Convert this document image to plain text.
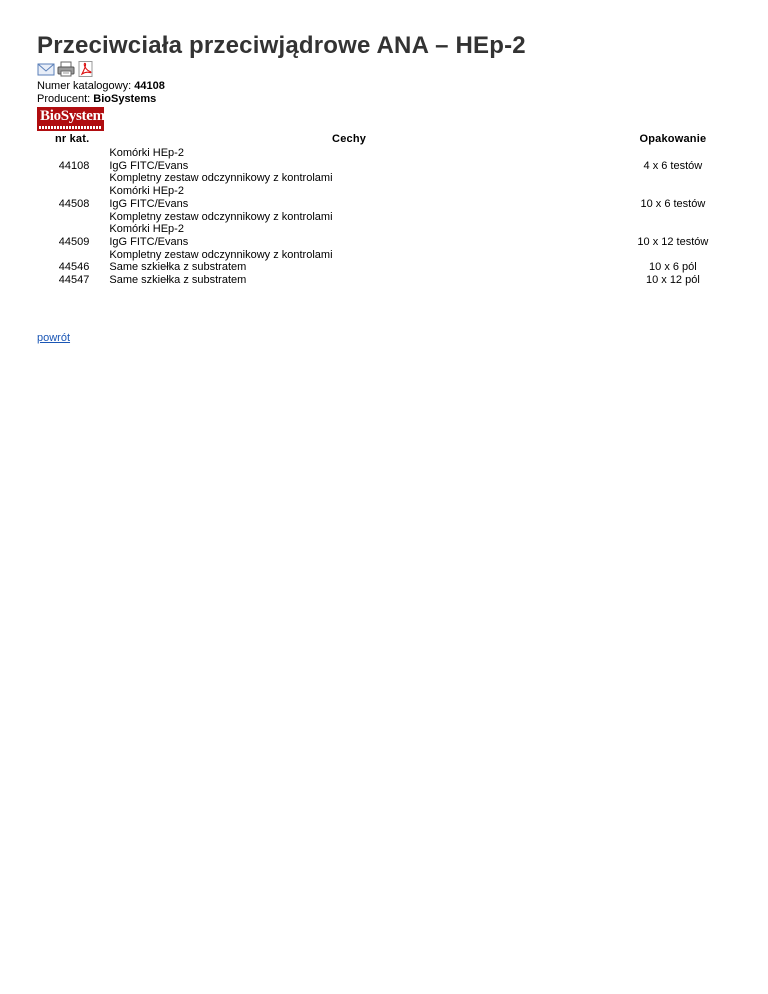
Przeciwciała przeciwjądrowe ANA – HEp-2
Numer katalogowy: 44108
Producent: BioSystems
BioSystems
nr kat.	Cechy	Opakowanie
44108	Komórki HEp-2
IgG FITC/Evans
Kompletny zestaw odczynnikowy z kontrolami	4 x 6 testów
44508	Komórki HEp-2
IgG FITC/Evans
Kompletny zestaw odczynnikowy z kontrolami	10 x 6 testów
44509	Komórki HEp-2
IgG FITC/Evans
Kompletny zestaw odczynnikowy z kontrolami	10 x 12 testów
44546	Same szkiełka z substratem	10 x 6 pól
44547	Same szkiełka z substratem	10 x 12 pól
powrót
